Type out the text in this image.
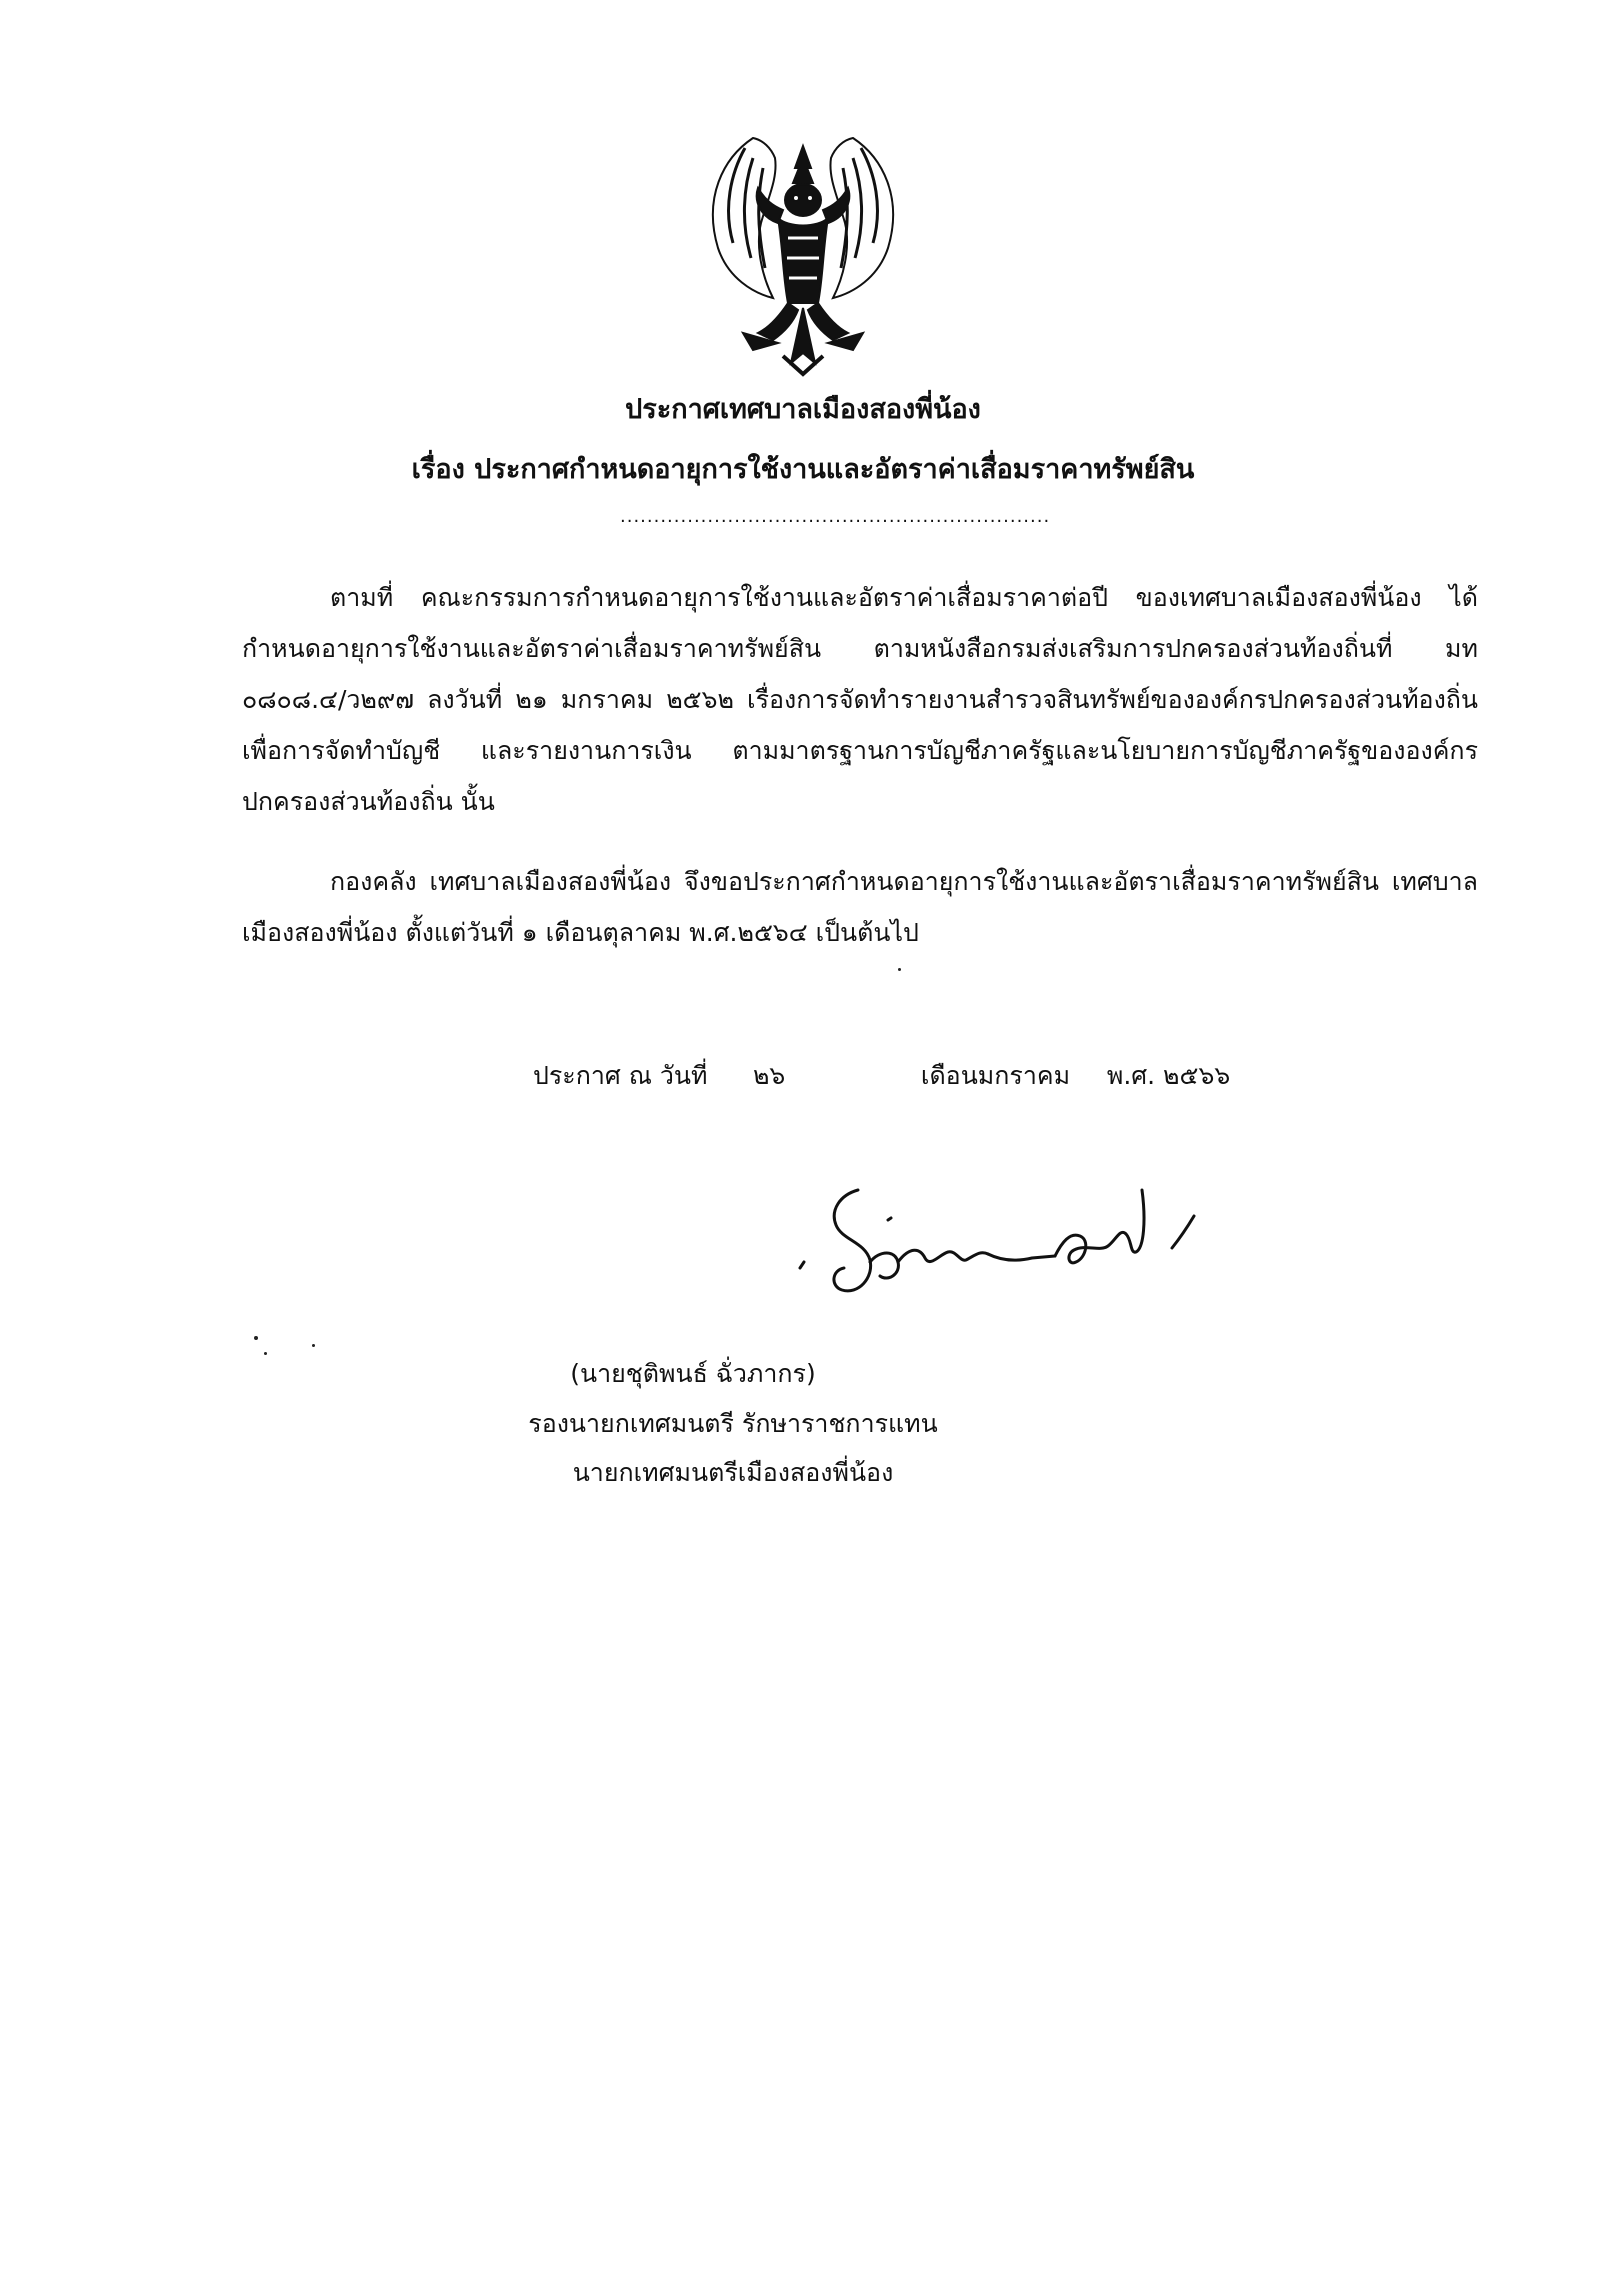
ประกาศเทศบาลเมืองสองพี่น้อง
เรื่อง ประกาศกำหนดอายุการใช้งานและอัตราค่าเสื่อมราคาทรัพย์สิน
................................................................
ตามที่ คณะกรรมการกำหนดอายุการใช้งานและอัตราค่าเสื่อมราคาต่อปี ของเทศบาลเมืองสองพี่น้อง ได้กำหนดอายุการใช้งานและอัตราค่าเสื่อมราคาทรัพย์สิน ตามหนังสือกรมส่งเสริมการปกครองส่วนท้องถิ่นที่ มท ๐๘๐๘.๔/ว๒๙๗ ลงวันที่ ๒๑ มกราคม ๒๕๖๒ เรื่องการจัดทำรายงานสำรวจสินทรัพย์ขององค์กรปกครองส่วนท้องถิ่นเพื่อการจัดทำบัญชี และรายงานการเงิน ตามมาตรฐานการบัญชีภาครัฐและนโยบายการบัญชีภาครัฐขององค์กรปกครองส่วนท้องถิ่น นั้น
กองคลัง เทศบาลเมืองสองพี่น้อง จึงขอประกาศกำหนดอายุการใช้งานและอัตราเสื่อมราคาทรัพย์สิน เทศบาลเมืองสองพี่น้อง ตั้งแต่วันที่ ๑ เดือนตุลาคม พ.ศ.๒๕๖๔ เป็นต้นไป
ประกาศ ณ วันที่ ๒๖	เดือนมกราคม พ.ศ. ๒๕๖๖
(นายชุติพนธ์ ฉั่วภากร)
รองนายกเทศมนตรี รักษาราชการแทน
นายกเทศมนตรีเมืองสองพี่น้อง
